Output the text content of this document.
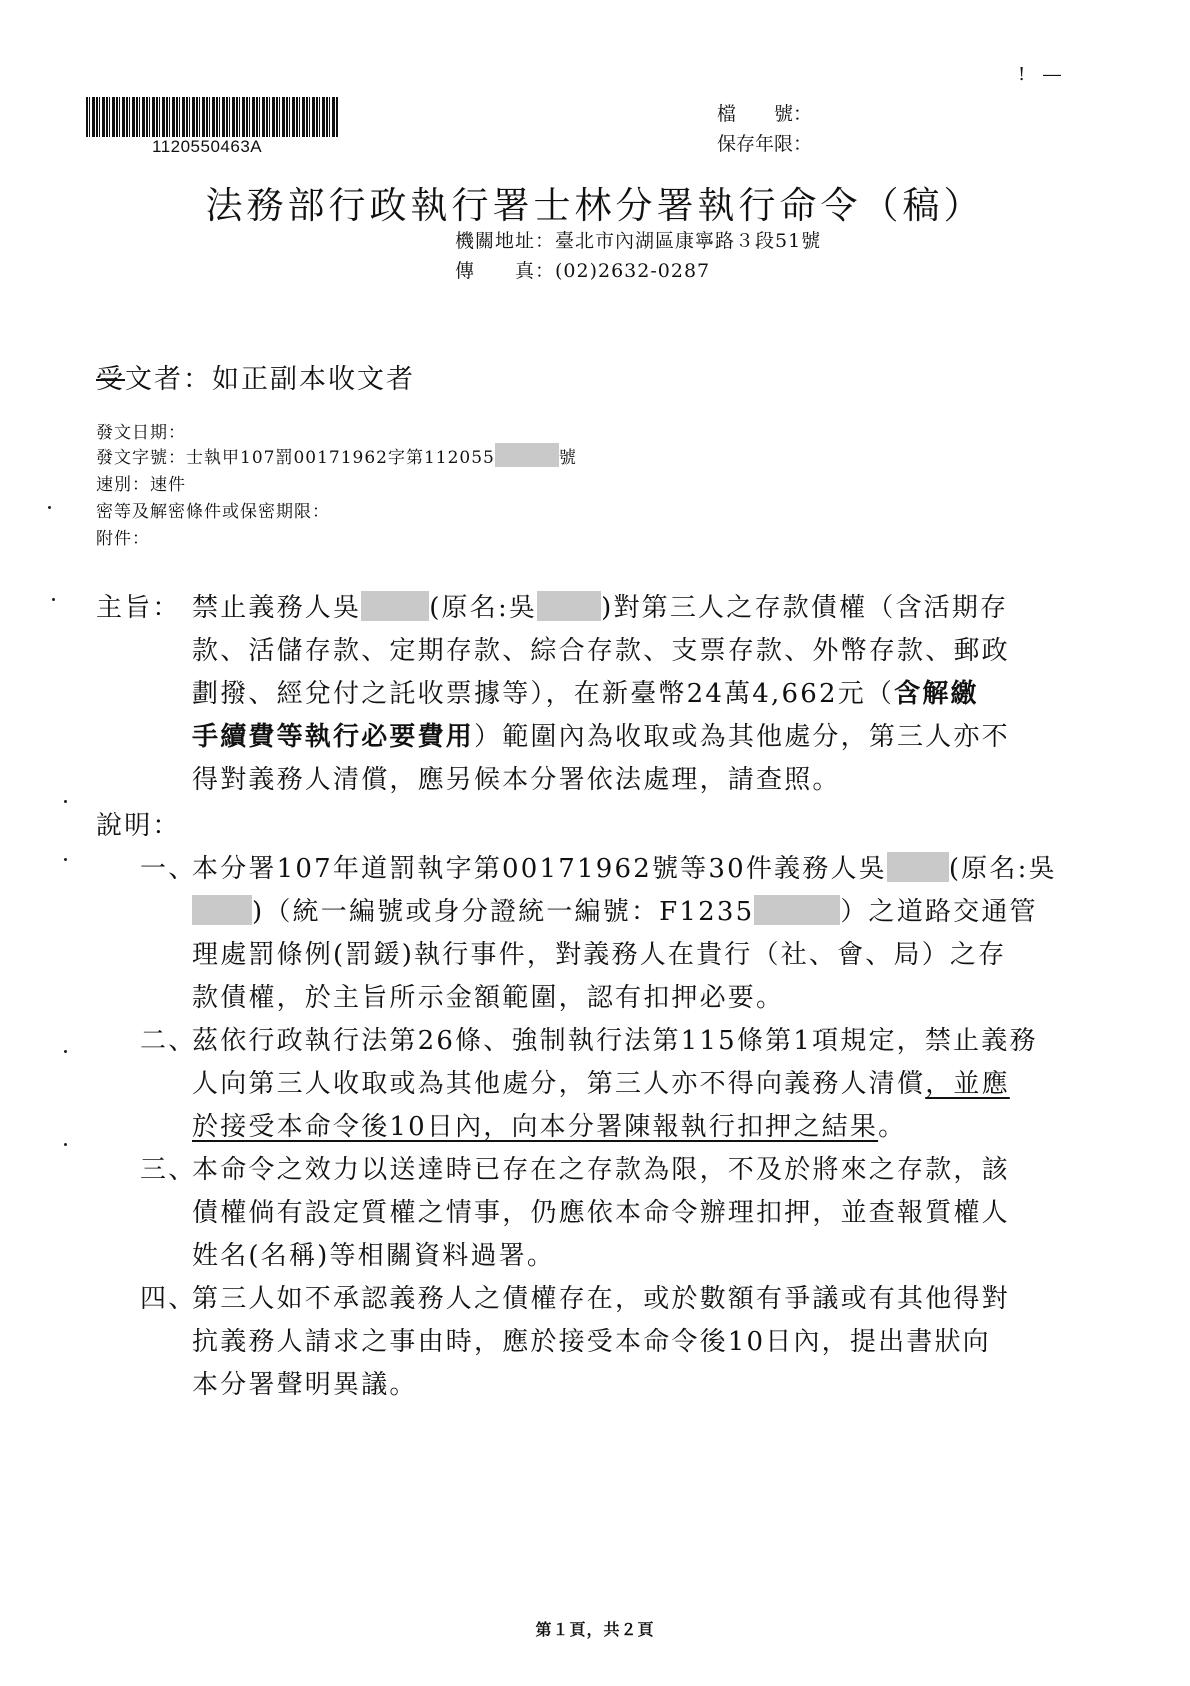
1120550463A
檔　　號：
保存年限：
! ―
法務部行政執行署士林分署執行命令（稿）
機關地址：臺北市內湖區康寧路３段51號
傳　　真：(02)2632-0287
受文者：如正副本收文者
發文日期：
發文字號：士執甲107罰00171962字第112055	號
速別：速件
密等及解密條件或保密期限：
附件：
主旨： 禁止義務人吳	(原名:吳 )對第三人之存款債權（含活期存
款、活儲存款、定期存款、綜合存款、支票存款、外幣存款、郵政
劃撥、經兌付之託收票據等），在新臺幣24萬4,662元（含解繳
手續費等執行必要費用）範圍內為收取或為其他處分，第三人亦不
得對義務人清償，應另候本分署依法處理，請查照。
說明：
一、
本分署107年道罰執字第00171962號等30件義務人吳 (原名:吳
)（統一編號或身分證統一編號：F1235	）之道路交通管
理處罰條例(罰鍰)執行事件，對義務人在貴行（社、會、局）之存
款債權，於主旨所示金額範圍，認有扣押必要。
二、
茲依行政執行法第26條、強制執行法第115條第1項規定，禁止義務
人向第三人收取或為其他處分，第三人亦不得向義務人清償，並應
於接受本命令後10日內，向本分署陳報執行扣押之結果。
三、
本命令之效力以送達時已存在之存款為限，不及於將來之存款，該
債權倘有設定質權之情事，仍應依本命令辦理扣押，並查報質權人
姓名(名稱)等相關資料過署。
四、
第三人如不承認義務人之債權存在，或於數額有爭議或有其他得對
抗義務人請求之事由時，應於接受本命令後10日內，提出書狀向
本分署聲明異議。
第１頁，共２頁
